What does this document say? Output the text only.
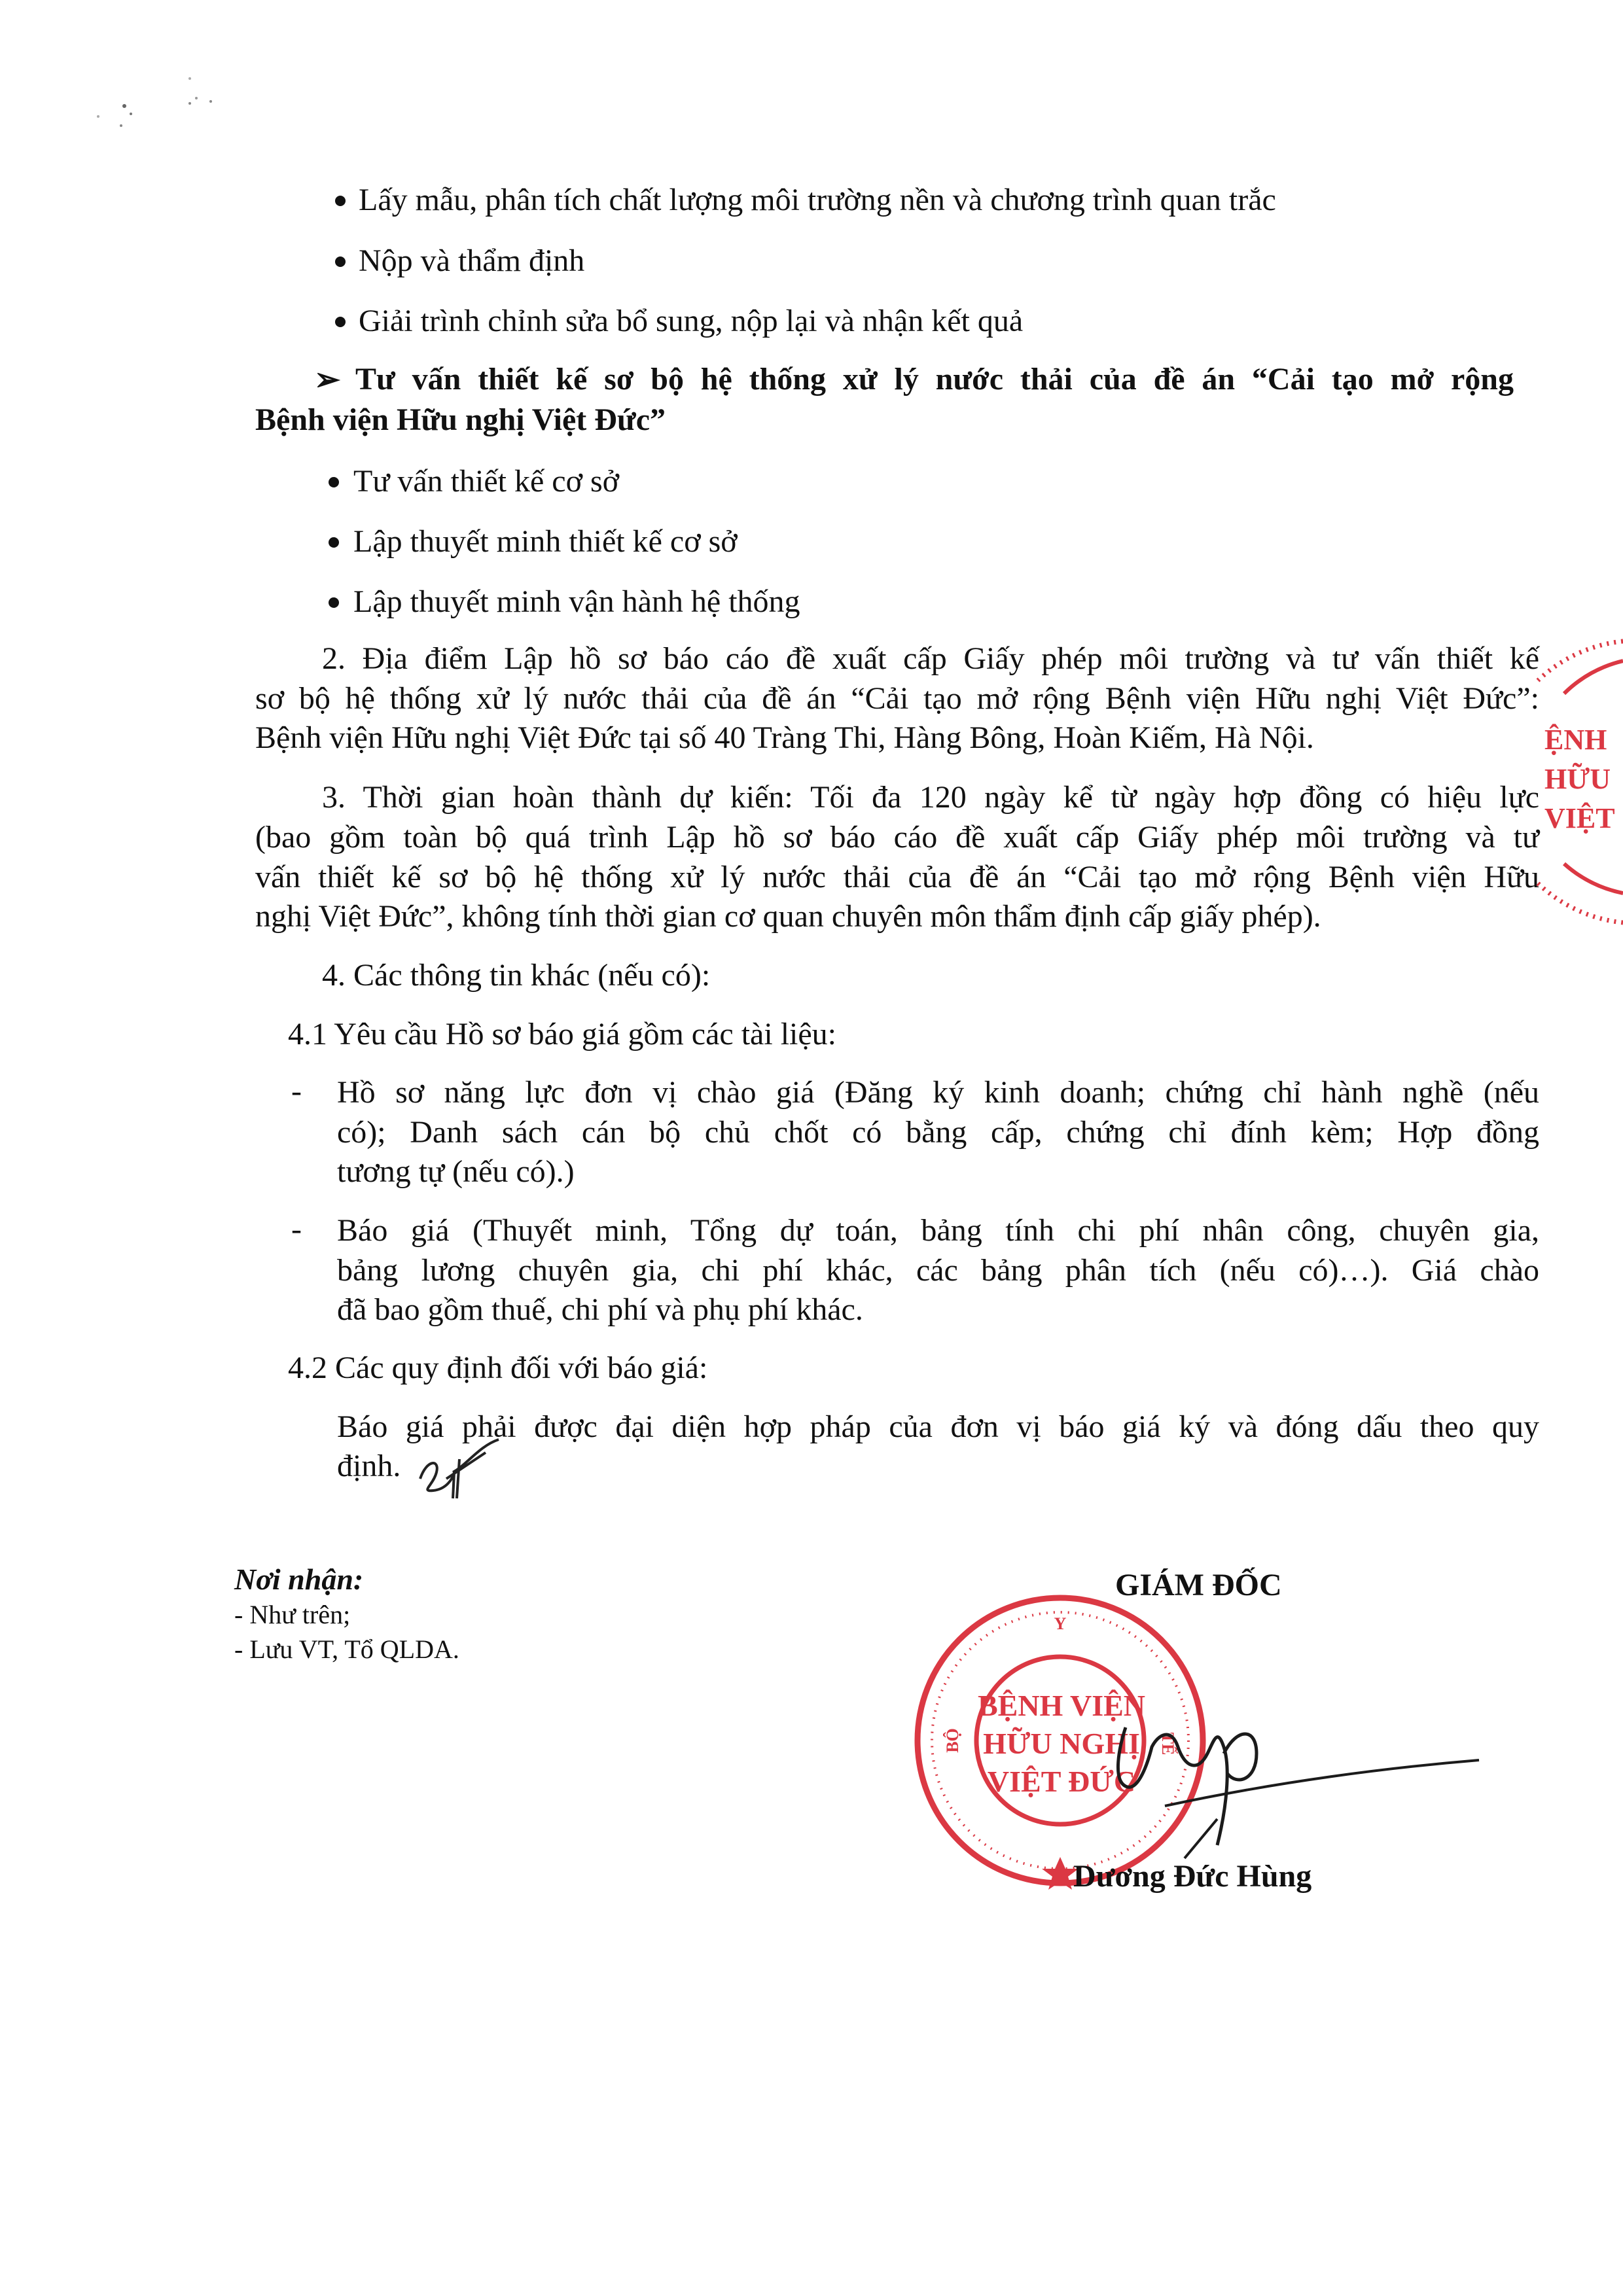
Lấy mẫu, phân tích chất lượng môi trường nền và chương trình quan trắc
Nộp và thẩm định
Giải trình chỉnh sửa bổ sung, nộp lại và nhận kết quả
➢ Tư vấn thiết kế sơ bộ hệ thống xử lý nước thải của đề án “Cải tạo mở rộng
Bệnh viện Hữu nghị Việt Đức”
Tư vấn thiết kế cơ sở
Lập thuyết minh thiết kế cơ sở
Lập thuyết minh vận hành hệ thống
2. Địa điểm Lập hồ sơ báo cáo đề xuất cấp Giấy phép môi trường và tư vấn thiết kế
sơ bộ hệ thống xử lý nước thải của đề án “Cải tạo mở rộng Bệnh viện Hữu nghị Việt Đức”:
Bệnh viện Hữu nghị Việt Đức tại số 40 Tràng Thi, Hàng Bông, Hoàn Kiếm, Hà Nội.
3. Thời gian hoàn thành dự kiến: Tối đa 120 ngày kể từ ngày hợp đồng có hiệu lực
(bao gồm toàn bộ quá trình Lập hồ sơ báo cáo đề xuất cấp Giấy phép môi trường và tư
vấn thiết kế sơ bộ hệ thống xử lý nước thải của đề án “Cải tạo mở rộng Bệnh viện Hữu
nghị Việt Đức”, không tính thời gian cơ quan chuyên môn thẩm định cấp giấy phép).
4. Các thông tin khác (nếu có):
4.1 Yêu cầu Hồ sơ báo giá gồm các tài liệu:
- Hồ sơ năng lực đơn vị chào giá (Đăng ký kinh doanh; chứng chỉ hành nghề (nếu
có); Danh sách cán bộ chủ chốt có bằng cấp, chứng chỉ đính kèm; Hợp đồng
tương tự (nếu có).)
- Báo giá (Thuyết minh, Tổng dự toán, bảng tính chi phí nhân công, chuyên gia,
bảng lương chuyên gia, chi phí khác, các bảng phân tích (nếu có)…). Giá chào
đã bao gồm thuế, chi phí và phụ phí khác.
4.2 Các quy định đối với báo giá:
Báo giá phải được đại diện hợp pháp của đơn vị báo giá ký và đóng dấu theo quy
định.
Nơi nhận:
- Như trên;
- Lưu VT, Tổ QLDA.
GIÁM ĐỐC
Y
BỘ	TẾ
BỆNH VIỆN
HỮU NGHỊ
VIỆT ĐỨC
Dương Đức Hùng
ỆNH
HỮU
VIỆT
